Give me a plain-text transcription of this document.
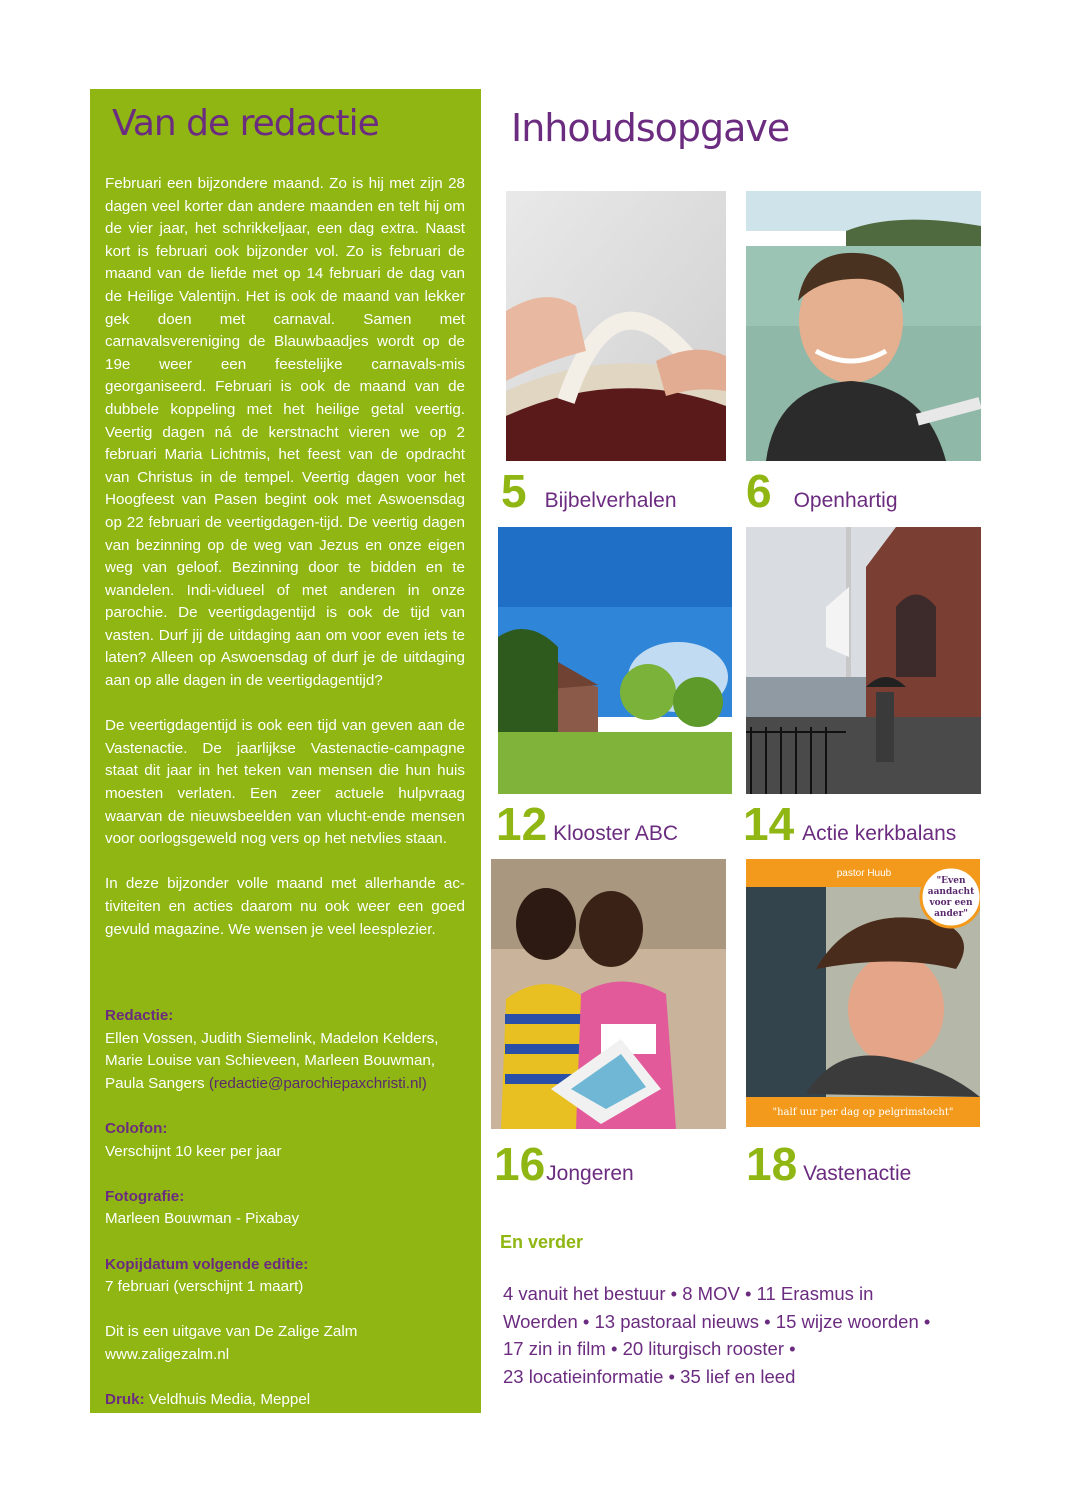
Van de redactie

Februari een bijzondere maand. Zo is hij met zijn 28 dagen veel korter dan andere maanden en telt hij om de vier jaar, het schrikkeljaar, een dag extra. Naast kort is februari ook bijzonder vol. Zo is februari de maand van de liefde met op 14 februari de dag van de Heilige Valentijn. Het is ook de maand van lekker gek doen met carnaval. Samen met carnavalsvereniging de Blauwbaadjes wordt op de 19e weer een feestelijke carnavals-mis georganiseerd. Februari is ook de maand van de dubbele koppeling met het heilige getal veertig. Veertig dagen ná de kerstnacht vieren we op 2 februari Maria Lichtmis, het feest van de opdracht van Christus in de tempel. Veertig dagen voor het Hoogfeest van Pasen begint ook met Aswoensdag op 22 februari de veertigdagen-tijd. De veertig dagen van bezinning op de weg van Jezus en onze eigen weg van geloof. Bezinning door te bidden en te wandelen. Indi-vidueel of met anderen in onze parochie. De veertigdagentijd is ook de tijd van vasten. Durf jij de uitdaging aan om voor even iets te laten? Alleen op Aswoensdag of durf je de uitdaging aan op alle dagen in de veertigdagentijd?

De veertigdagentijd is ook een tijd van geven aan de Vastenactie. De jaarlijkse Vastenactie-campagne staat dit jaar in het teken van mensen die hun huis moesten verlaten. Een zeer actuele hulpvraag waarvan de nieuwsbeelden van vlucht-ende mensen voor oorlogsgeweld nog vers op het netvlies staan.

In deze bijzonder volle maand met allerhande ac-tiviteiten en acties daarom nu ook weer een goed gevuld magazine. We wensen je veel leesplezier.

Redactie:
Ellen Vossen, Judith Siemelink, Madelon Kelders, Marie Louise van Schieveen, Marleen Bouwman, Paula Sangers (redactie@parochiepaxchristi.nl)
Colofon:
Verschijnt 10 keer per jaar
Fotografie:
Marleen Bouwman - Pixabay
Kopijdatum volgende editie:
7 februari (verschijnt 1 maart)
Dit is een uitgave van De Zalige Zalm
www.zaligezalm.nl
Druk: Veldhuis Media, Meppel
Inhoudsopgave
5 Bijbelverhalen 6 Openhartig
12 Klooster ABC 14 Actie kerkbalans
"Even
aandacht
voor een
ander"
pastor Huub
"half uur per dag op pelgrimstocht"
16 Jongeren 18 Vastenactie
En verder
4 vanuit het bestuur • 8 MOV • 11 Erasmus in
Woerden • 13 pastoraal nieuws • 15 wijze woorden •
17 zin in film • 20 liturgisch rooster •
23 locatieinformatie • 35 lief en leed
